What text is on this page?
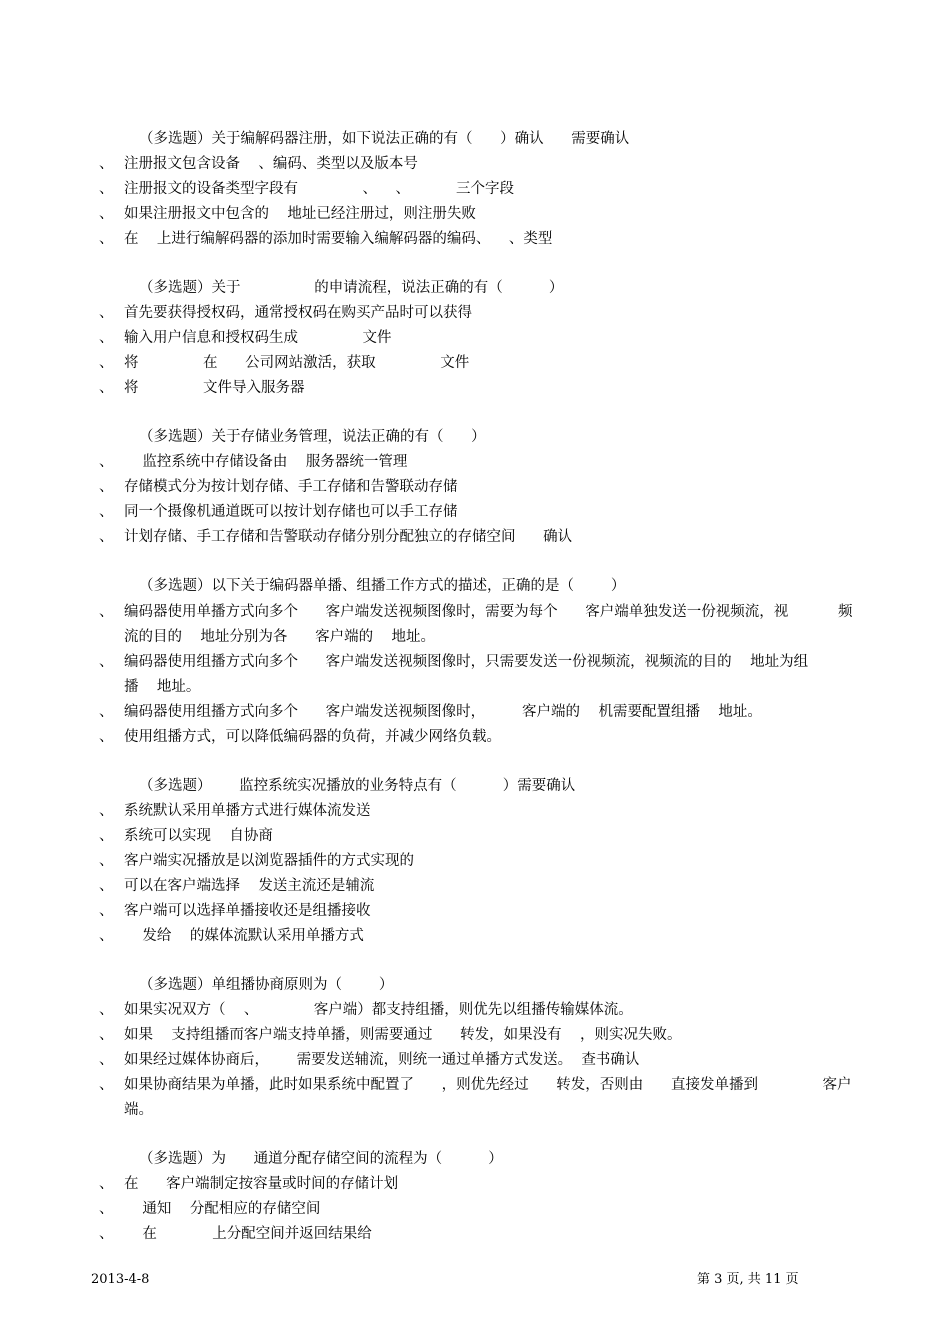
（多选题）关于编解码器注册，如下说法正确的有（      ）确认      需要确认
、 注册报文包含设备    、编码、类型以及版本号
、 注册报文的设备类型字段有              、    、          三个字段
、 如果注册报文中包含的    地址已经注册过，则注册失败
、 在    上进行编解码器的添加时需要输入编解码器的编码、    、类型
（多选题）关于                的申请流程，说法正确的有（          ）
、 首先要获得授权码，通常授权码在购买产品时可以获得
、 输入用户信息和授权码生成              文件
、 将              在      公司网站激活，获取              文件
、 将              文件导入服务器
（多选题）关于存储业务管理，说法正确的有（      ）
、 监控系统中存储设备由    服务器统一管理
、 存储模式分为按计划存储、手工存储和告警联动存储
、 同一个摄像机通道既可以按计划存储也可以手工存储
、 计划存储、手工存储和告警联动存储分别分配独立的存储空间      确认
（多选题）以下关于编码器单播、组播工作方式的描述，正确的是（        ）
、 编码器使用单播方式向多个      客户端发送视频图像时，需要为每个      客户端单独发送一份视频流，视	频
流的目的    地址分别为各      客户端的    地址。
、 编码器使用组播方式向多个      客户端发送视频图像时，只需要发送一份视频流，视频流的目的    地址为组
播    地址。
、 编码器使用组播方式向多个      客户端发送视频图像时，        客户端的    机需要配置组播    地址。
、 使用组播方式，可以降低编码器的负荷，并减少网络负载。
（多选题）      监控系统实况播放的业务特点有（          ）需要确认
、 系统默认采用单播方式进行媒体流发送
、 系统可以实现    自协商
、 客户端实况播放是以浏览器插件的方式实现的
、 可以在客户端选择    发送主流还是辅流
、 客户端可以选择单播接收还是组播接收
、 发给    的媒体流默认采用单播方式
（多选题）单组播协商原则为（        ）
、 如果实况双方（    、            客户端）都支持组播，则优先以组播传输媒体流。
、 如果    支持组播而客户端支持单播，则需要通过      转发，如果没有    ，则实况失败。
、 如果经过媒体协商后，      需要发送辅流，则统一通过单播方式发送。  查书确认
、 如果协商结果为单播，此时如果系统中配置了      ，则优先经过      转发，否则由      直接发单播到              客户
端。
（多选题）为      通道分配存储空间的流程为（          ）
、 在      客户端制定按容量或时间的存储计划
、 通知    分配相应的存储空间
、 在            上分配空间并返回结果给
2013-4-8	第 3 页, 共 11 页
